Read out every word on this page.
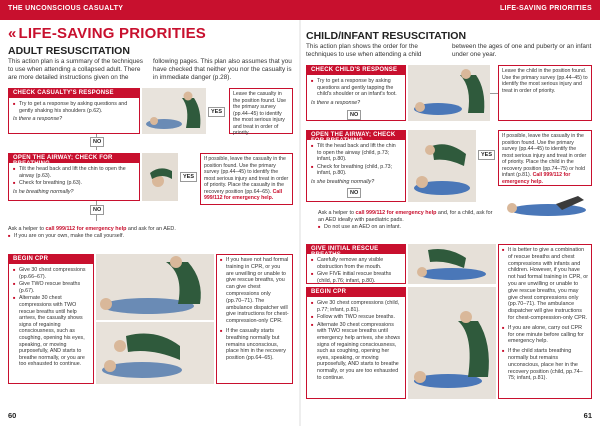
THE UNCONSCIOUS CASUALTY	LIFE-SAVING PRIORITIES
« LIFE-SAVING PRIORITIES
ADULT RESUSCITATION
This action plan is a summary of the techniques to use when attending a collapsed adult. There are more detailed instructions given on the
following pages. This plan also assumes that you have checked that neither you nor the casualty is in immediate danger (p.28).
CHECK CASUALTY'S RESPONSE
■ Try to get a response by asking questions and gently shaking his shoulders (p.62).
Is there a response?
YES
Leave the casualty in the position found. Use the primary survey (pp.44–45) to identify the most serious injury and treat in order of priority.
NO
OPEN THE AIRWAY; CHECK FOR BREATHING
■ Tilt the head back and lift the chin to open the airway (p.63).
■ Check for breathing (p.63).
Is he breathing normally?
YES
If possible, leave the casualty in the position found. Use the primary survey (pp.44–45) to identify the most serious injury and treat in order of priority. Place the casualty in the recovery position (pp.64–65). Call 999/112 for emergency help.
NO
Ask a helper to call 999/112 for emergency help and ask for an AED.
■ If you are on your own, make the call yourself.
BEGIN CPR
■ Give 30 chest compressions (pp.66–67).
■ Give TWO rescue breaths (p.67).
■ Alternate 30 chest compressions with TWO rescue breaths until help arrives, the casualty shows signs of regaining consciousness, such as coughing, opening his eyes, speaking, or moving purposefully, AND starts to breathe normally, or you are too exhausted to continue.
■ If you have not had formal training in CPR, or you are unwilling or unable to give rescue breaths, you can give chest compressions only (pp.70–71). The ambulance dispatcher will give instructions for chest-compression-only CPR.
■ If the casualty starts breathing normally but remains unconscious, place him in the recovery position (pp.64–65).
60
CHILD/INFANT RESUSCITATION
This action plan shows the order for the techniques to use when attending a child
between the ages of one and puberty or an infant under one year.
CHECK CHILD'S RESPONSE
■ Try to get a response by asking questions and gently tapping the child's shoulder or an infant's foot.
Is there a response?
Leave the child in the position found. Use the primary survey (pp.44–45) to identify the most serious injury and treat in order of priority.
NO
OPEN THE AIRWAY; CHECK FOR BREATHING
■ Tilt the head back and lift the chin to open the airway (child, p.73; infant, p.80).
■ Check for breathing (child, p.73; infant, p.80).
Is she breathing normally?
YES
If possible, leave the casualty in the position found. Use the primary survey (pp.44–45) to identify the most serious injury and treat in order of priority. Place the child in the recovery position (pp.74–75) or hold infant (p.81). Call 999/112 for emergency help.
NO
Ask a helper to call 999/112 for emergency help and, for a child, ask for an AED ideally with paediatric pads.
■ Do not use an AED on an infant.
GIVE INITIAL RESCUE BREATHS
■ Carefully remove any visible obstruction from the mouth.
■ Give FIVE initial rescue breaths (child, p.76; infant, p.80).
BEGIN CPR
■ Give 30 chest compressions (child, p.77; infant, p.81).
■ Follow with TWO rescue breaths.
■ Alternate 30 chest compressions with TWO rescue breaths until emergency help arrives, she shows signs of regaining consciousness, such as coughing, opening her eyes, speaking, or moving purposefully, AND starts to breathe normally, or you are too exhausted to continue.
■ It is better to give a combination of rescue breaths and chest compressions with infants and children. However, if you have not had formal training in CPR, or you are unwilling or unable to give rescue breaths, you may give chest compressions only (pp.70–71). The ambulance dispatcher will give instructions for chest-compression-only CPR.
■ If you are alone, carry out CPR for one minute before calling for emergency help.
■ If the child starts breathing normally but remains unconscious, place her in the recovery position (child, pp.74–75; infant, p.81).
61
